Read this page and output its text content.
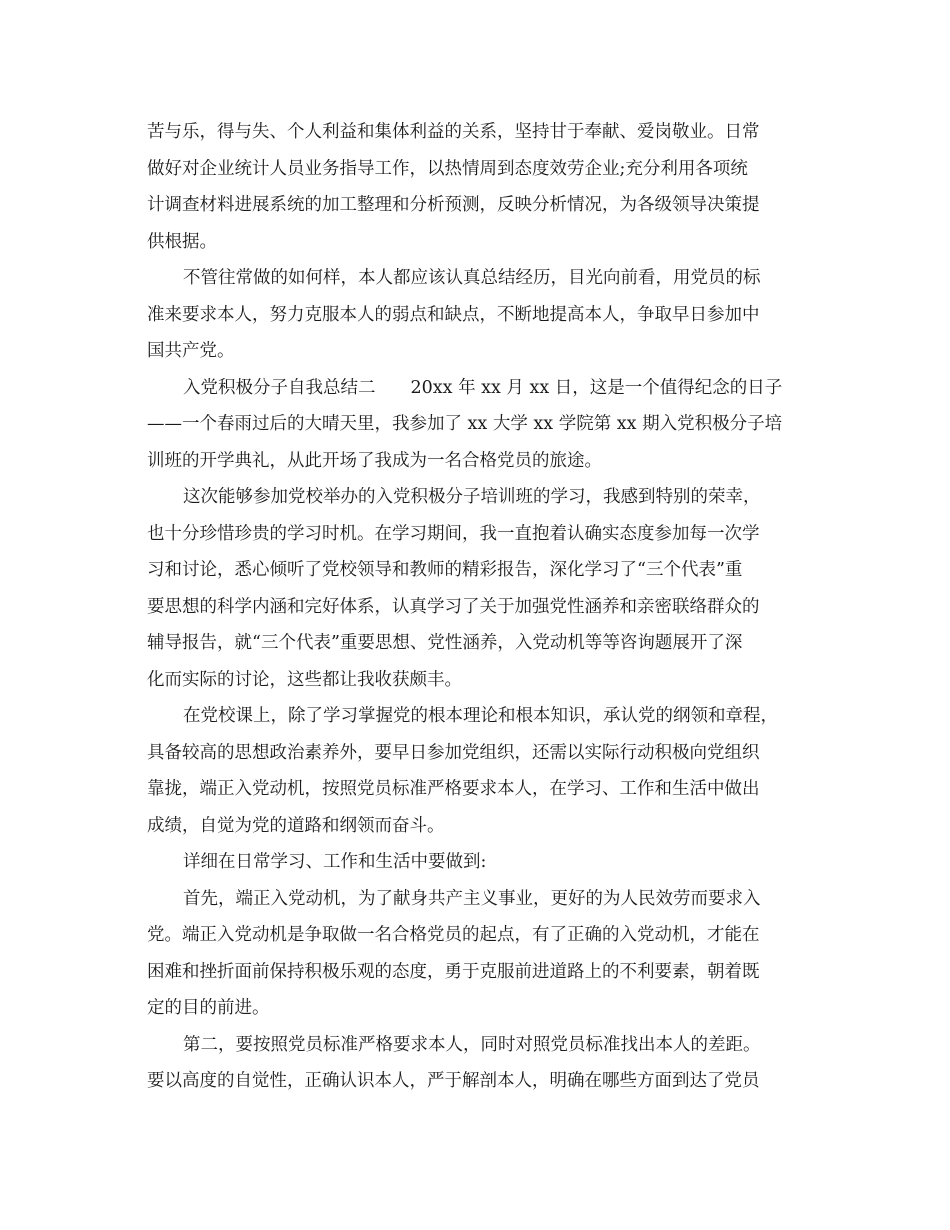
苦与乐，得与失、个人利益和集体利益的关系，坚持甘于奉献、爱岗敬业。日常
做好对企业统计人员业务指导工作，以热情周到态度效劳企业;充分利用各项统
计调查材料进展系统的加工整理和分析预测，反映分析情况，为各级领导决策提
供根据。
不管往常做的如何样，本人都应该认真总结经历，目光向前看，用党员的标
准来要求本人，努力克服本人的弱点和缺点，不断地提高本人，争取早日参加中
国共产党。
入党积极分子自我总结二　　20xx 年 xx 月 xx 日，这是一个值得纪念的日子
——一个春雨过后的大晴天里，我参加了 xx 大学 xx 学院第 xx 期入党积极分子培
训班的开学典礼，从此开场了我成为一名合格党员的旅途。
这次能够参加党校举办的入党积极分子培训班的学习，我感到特别的荣幸，
也十分珍惜珍贵的学习时机。在学习期间，我一直抱着认确实态度参加每一次学
习和讨论，悉心倾听了党校领导和教师的精彩报告，深化学习了“三个代表”重
要思想的科学内涵和完好体系，认真学习了关于加强党性涵养和亲密联络群众的
辅导报告，就“三个代表”重要思想、党性涵养，入党动机等等咨询题展开了深
化而实际的讨论，这些都让我收获颇丰。
在党校课上，除了学习掌握党的根本理论和根本知识，承认党的纲领和章程，
具备较高的思想政治素养外，要早日参加党组织，还需以实际行动积极向党组织
靠拢，端正入党动机，按照党员标准严格要求本人，在学习、工作和生活中做出
成绩，自觉为党的道路和纲领而奋斗。
详细在日常学习、工作和生活中要做到:
首先，端正入党动机，为了献身共产主义事业，更好的为人民效劳而要求入
党。端正入党动机是争取做一名合格党员的起点，有了正确的入党动机，才能在
困难和挫折面前保持积极乐观的态度，勇于克服前进道路上的不利要素，朝着既
定的目的前进。
第二，要按照党员标准严格要求本人，同时对照党员标准找出本人的差距。
要以高度的自觉性，正确认识本人，严于解剖本人，明确在哪些方面到达了党员
